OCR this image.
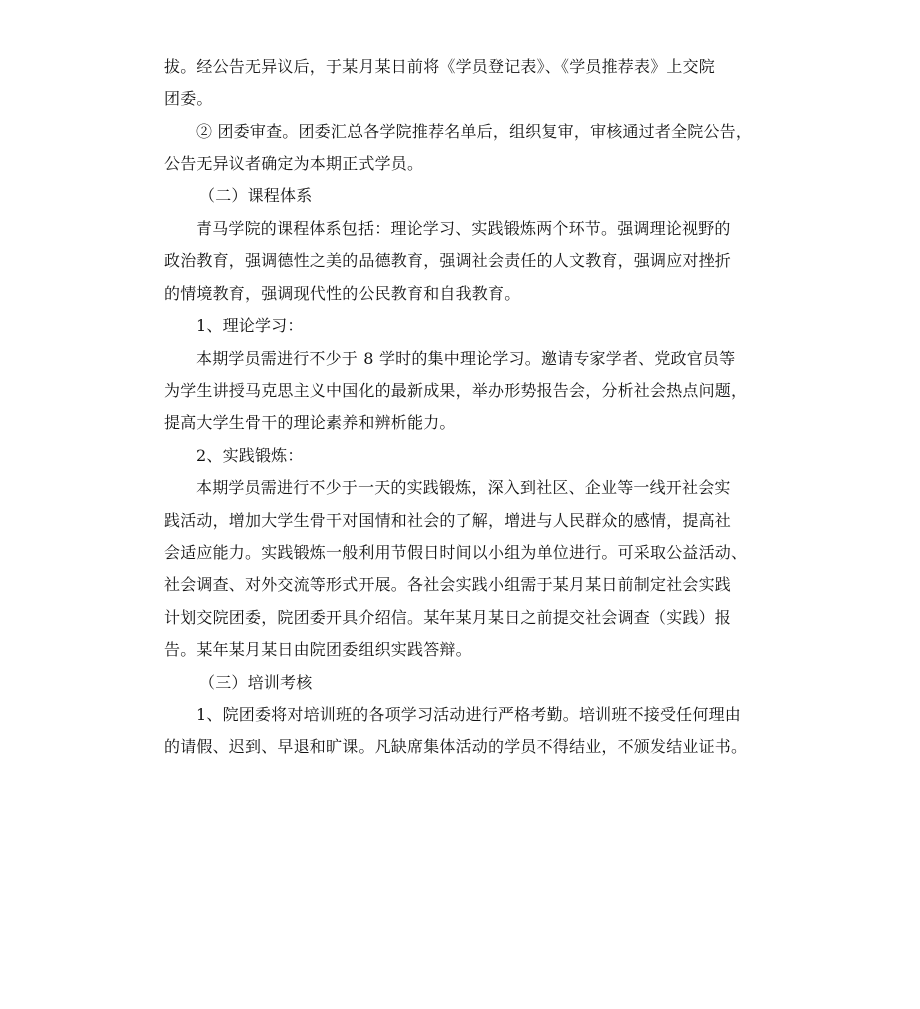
拔。经公告无异议后，于某月某日前将《学员登记表》、《学员推荐表》上交院
团委。
② 团委审查。团委汇总各学院推荐名单后，组织复审，审核通过者全院公告，
公告无异议者确定为本期正式学员。
（二）课程体系
青马学院的课程体系包括：理论学习、实践锻炼两个环节。强调理论视野的
政治教育，强调德性之美的品德教育，强调社会责任的人文教育，强调应对挫折
的情境教育，强调现代性的公民教育和自我教育。
1、理论学习：
本期学员需进行不少于 8 学时的集中理论学习。邀请专家学者、党政官员等
为学生讲授马克思主义中国化的最新成果，举办形势报告会，分析社会热点问题，
提高大学生骨干的理论素养和辨析能力。
2、实践锻炼：
本期学员需进行不少于一天的实践锻炼，深入到社区、企业等一线开社会实
践活动，增加大学生骨干对国情和社会的了解，增进与人民群众的感情，提高社
会适应能力。实践锻炼一般利用节假日时间以小组为单位进行。可采取公益活动、
社会调查、对外交流等形式开展。各社会实践小组需于某月某日前制定社会实践
计划交院团委，院团委开具介绍信。某年某月某日之前提交社会调查（实践）报
告。某年某月某日由院团委组织实践答辩。
（三）培训考核
1、院团委将对培训班的各项学习活动进行严格考勤。培训班不接受任何理由
的请假、迟到、早退和旷课。凡缺席集体活动的学员不得结业，不颁发结业证书。
